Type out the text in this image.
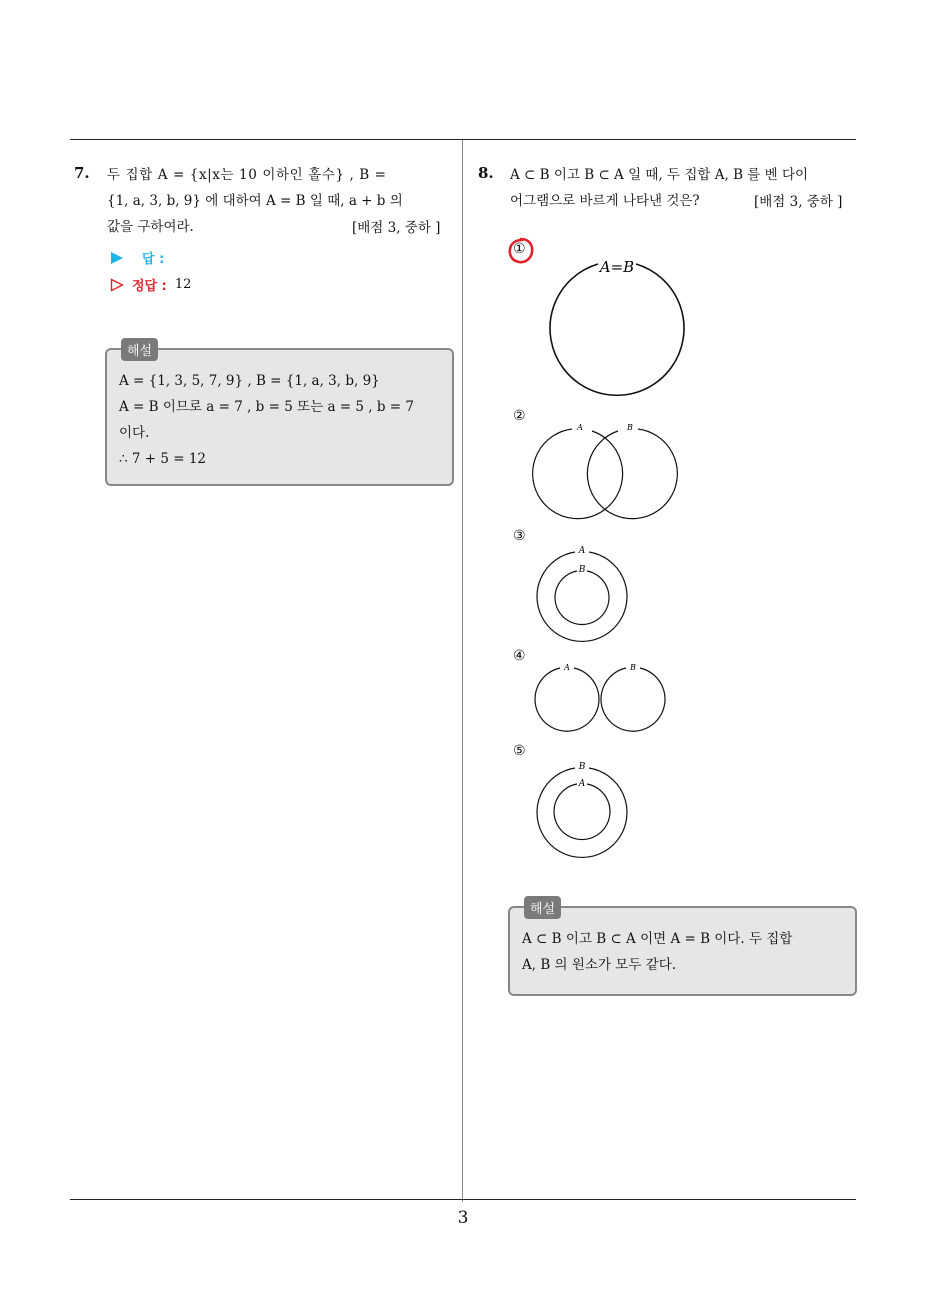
7. 두 집합 A = {x|x는 10 이하인 홀수} , B =
{1, a, 3, b, 9} 에 대하여 A = B 일 때, a + b 의
값을 구하여라.	[배점 3, 중하 ]
답 :
정답 : 12
해설
A = {1, 3, 5, 7, 9} , B = {1, a, 3, b, 9}
A = B 이므로 a = 7 , b = 5 또는 a = 5 , b = 7
이다.
∴ 7 + 5 = 12
8. A ⊂ B 이고 B ⊂ A 일 때, 두 집합 A, B 를 벤 다이
어그램으로 바르게 나타낸 것은?	[배점 3, 중하 ]
①
A=B
②
A	B
③
A
B
④
A	B
⑤
B
A
해설
A ⊂ B 이고 B ⊂ A 이면 A = B 이다. 두 집합
A, B 의 원소가 모두 같다.
3
